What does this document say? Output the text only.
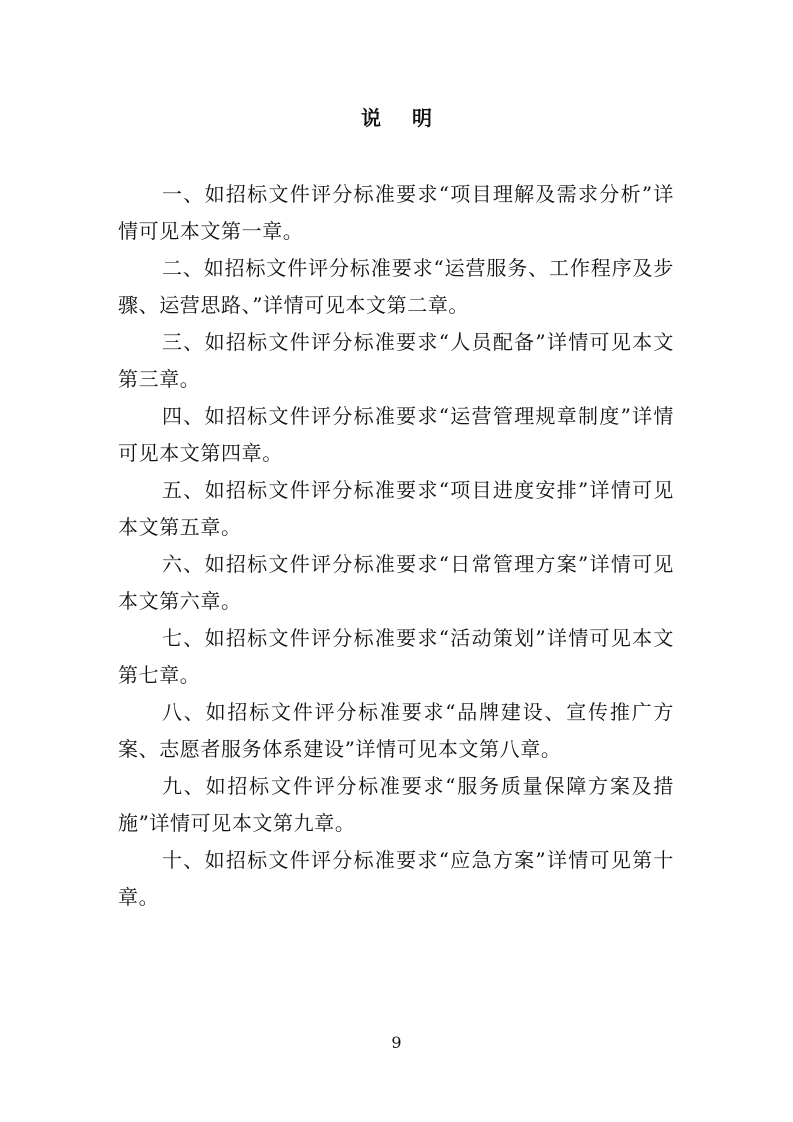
说 明

一、如招标文件评分标准要求“项目理解及需求分析”详情可见本文第一章。

二、如招标文件评分标准要求“运营服务、工作程序及步骤、运营思路、”详情可见本文第二章。

三、如招标文件评分标准要求“人员配备”详情可见本文第三章。

四、如招标文件评分标准要求“运营管理规章制度”详情可见本文第四章。

五、如招标文件评分标准要求“项目进度安排”详情可见本文第五章。

六、如招标文件评分标准要求“日常管理方案”详情可见本文第六章。

七、如招标文件评分标准要求“活动策划”详情可见本文第七章。

八、如招标文件评分标准要求“品牌建设、宣传推广方案、志愿者服务体系建设”详情可见本文第八章。

九、如招标文件评分标准要求“服务质量保障方案及措施”详情可见本文第九章。

十、如招标文件评分标准要求“应急方案”详情可见第十章。

9
